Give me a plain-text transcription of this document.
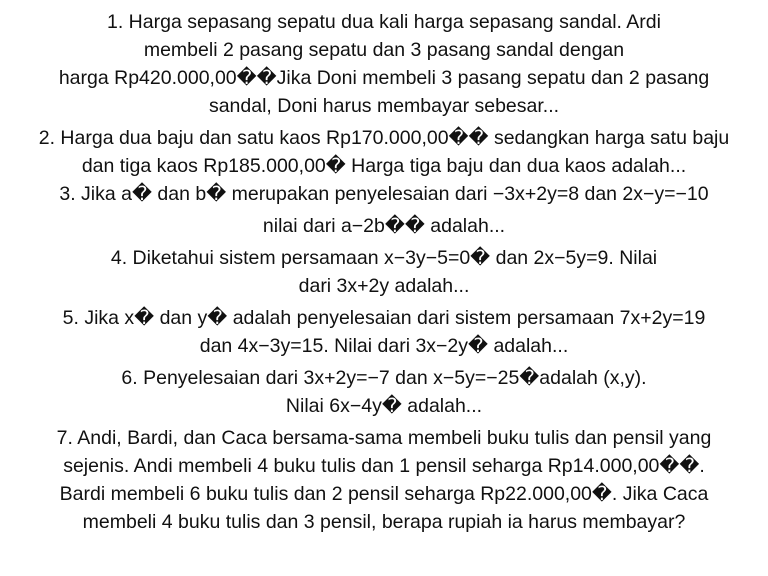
1. Harga sepasang sepatu dua kali harga sepasang sandal. Ardi
membeli 2 pasang sepatu dan 3 pasang sandal dengan
harga Rp420.000,00��Jika Doni membeli 3 pasang sepatu dan 2 pasang
sandal, Doni harus membayar sebesar...
2. Harga dua baju dan satu kaos Rp170.000,00�� sedangkan harga satu baju
dan tiga kaos Rp185.000,00� Harga tiga baju dan dua kaos adalah...
3. Jika a� dan b� merupakan penyelesaian dari −3x+2y=8 dan 2x−y=−10
nilai dari a−2b�� adalah...
4. Diketahui sistem persamaan x−3y−5=0� dan 2x−5y=9. Nilai
dari 3x+2y adalah...
5. Jika x� dan y� adalah penyelesaian dari sistem persamaan 7x+2y=19
dan 4x−3y=15. Nilai dari 3x−2y� adalah...
6. Penyelesaian dari 3x+2y=−7 dan x−5y=−25�adalah (x,y).
Nilai 6x−4y� adalah...
7. Andi, Bardi, dan Caca bersama-sama membeli buku tulis dan pensil yang
sejenis. Andi membeli 4 buku tulis dan 1 pensil seharga Rp14.000,00��.
Bardi membeli 6 buku tulis dan 2 pensil seharga Rp22.000,00�. Jika Caca
membeli 4 buku tulis dan 3 pensil, berapa rupiah ia harus membayar?
